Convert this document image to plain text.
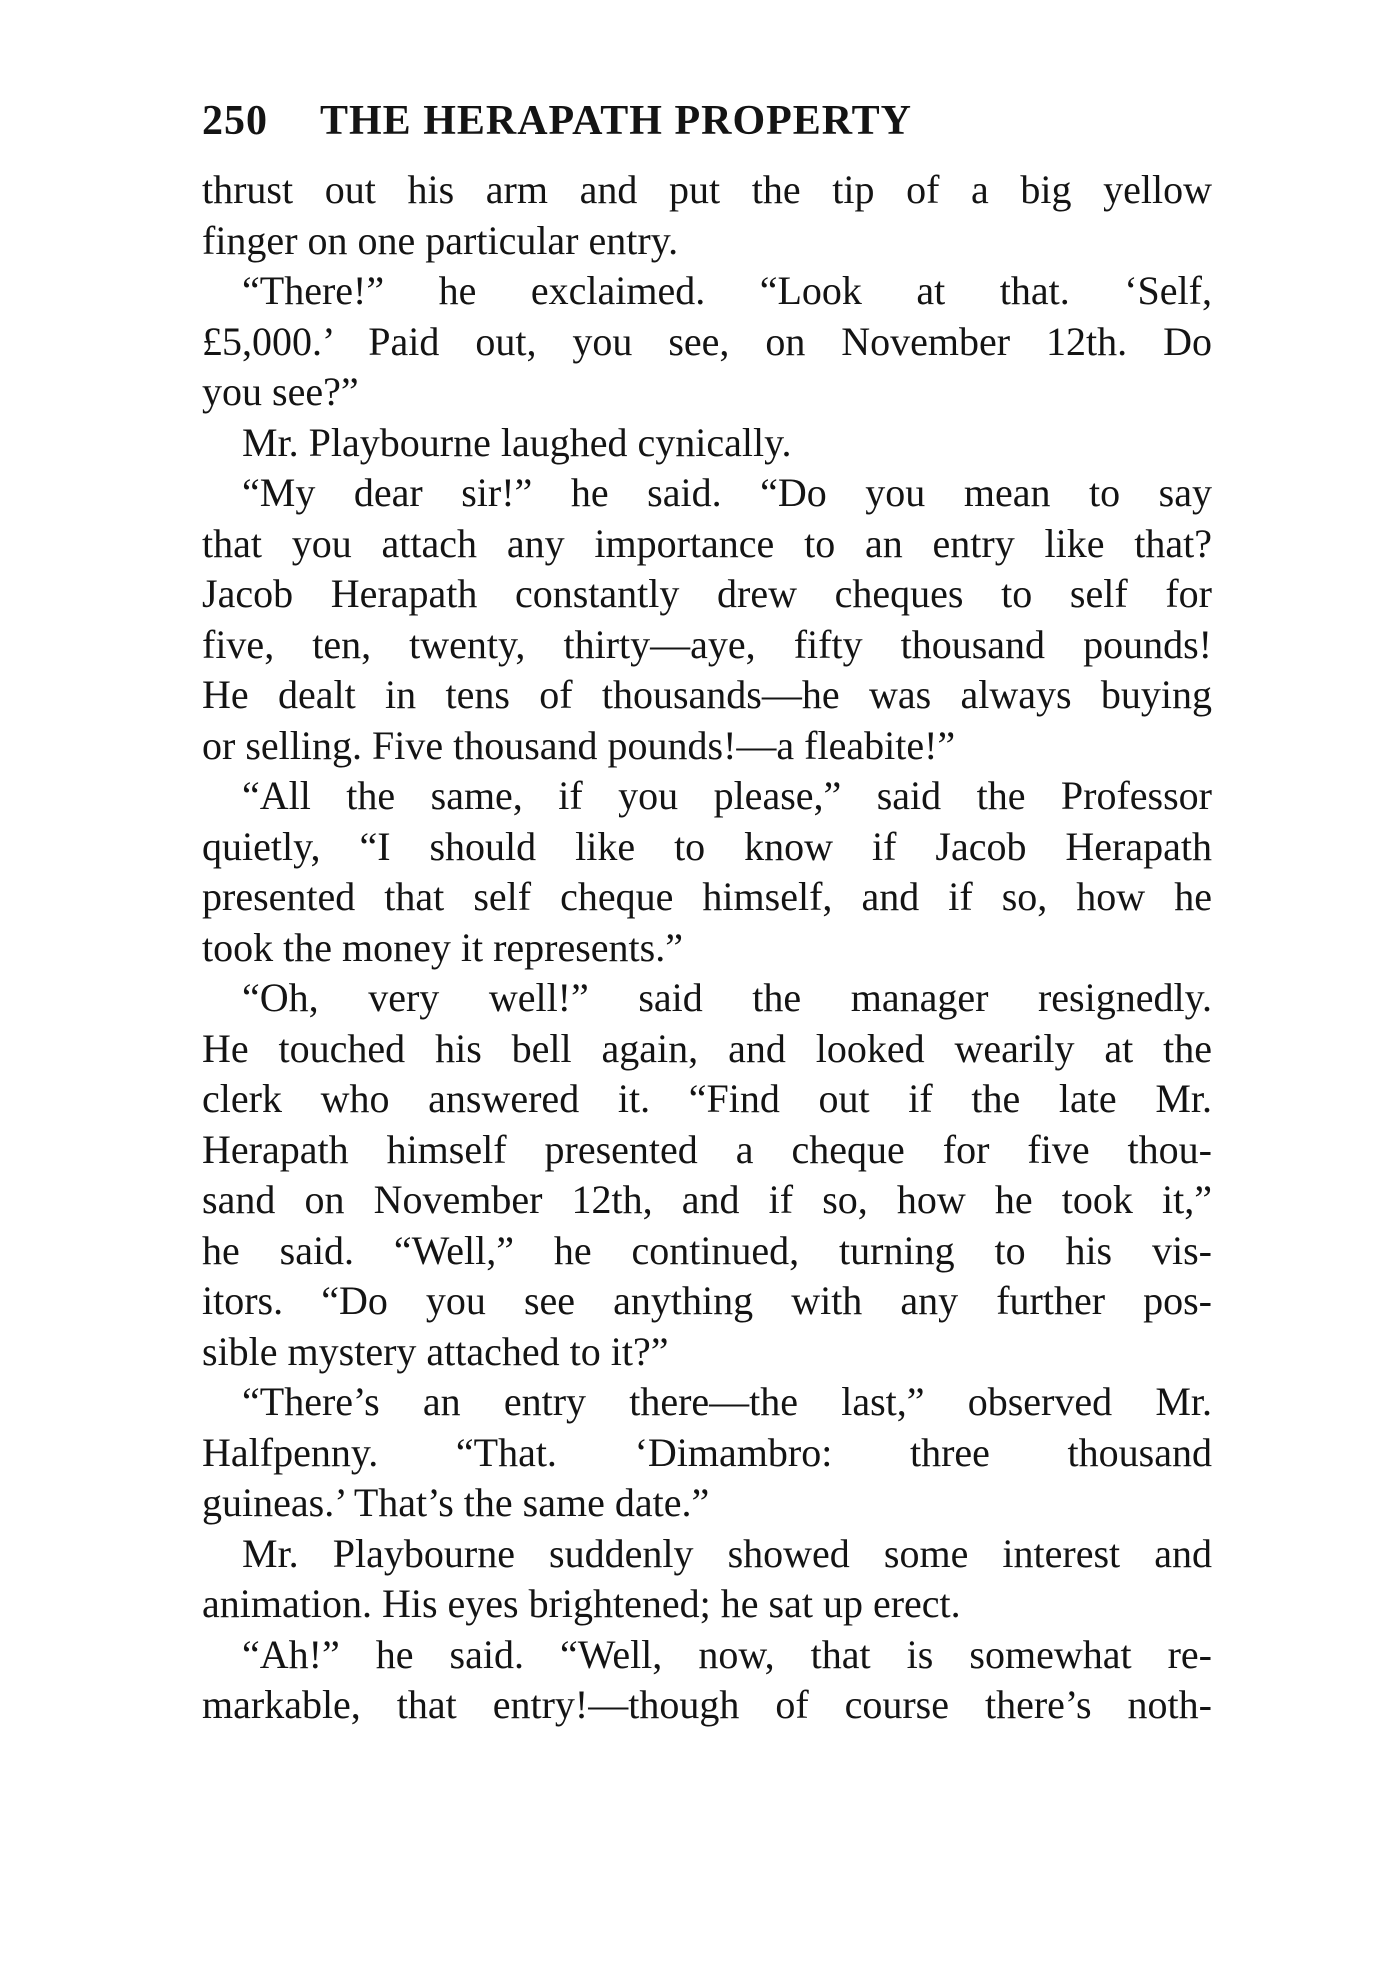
250 THE HERAPATH PROPERTY
thrust out his arm and put the tip of a big yellow
finger on one particular entry.
“There!” he exclaimed. “Look at that. ‘Self,
£5,000.’ Paid out, you see, on November 12th. Do
you see?”
Mr. Playbourne laughed cynically.
“My dear sir!” he said. “Do you mean to say
that you attach any importance to an entry like that?
Jacob Herapath constantly drew cheques to self for
five, ten, twenty, thirty—aye, fifty thousand pounds!
He dealt in tens of thousands—he was always buying
or selling. Five thousand pounds!—a fleabite!”
“All the same, if you please,” said the Professor
quietly, “I should like to know if Jacob Herapath
presented that self cheque himself, and if so, how he
took the money it represents.”
“Oh, very well!” said the manager resignedly.
He touched his bell again, and looked wearily at the
clerk who answered it. “Find out if the late Mr.
Herapath himself presented a cheque for five thou-
sand on November 12th, and if so, how he took it,”
he said. “Well,” he continued, turning to his vis-
itors. “Do you see anything with any further pos-
sible mystery attached to it?”
“There’s an entry there—the last,” observed Mr.
Halfpenny. “That. ‘Dimambro: three thousand
guineas.’ That’s the same date.”
Mr. Playbourne suddenly showed some interest and
animation. His eyes brightened; he sat up erect.
“Ah!” he said. “Well, now, that is somewhat re-
markable, that entry!—though of course there’s noth-
